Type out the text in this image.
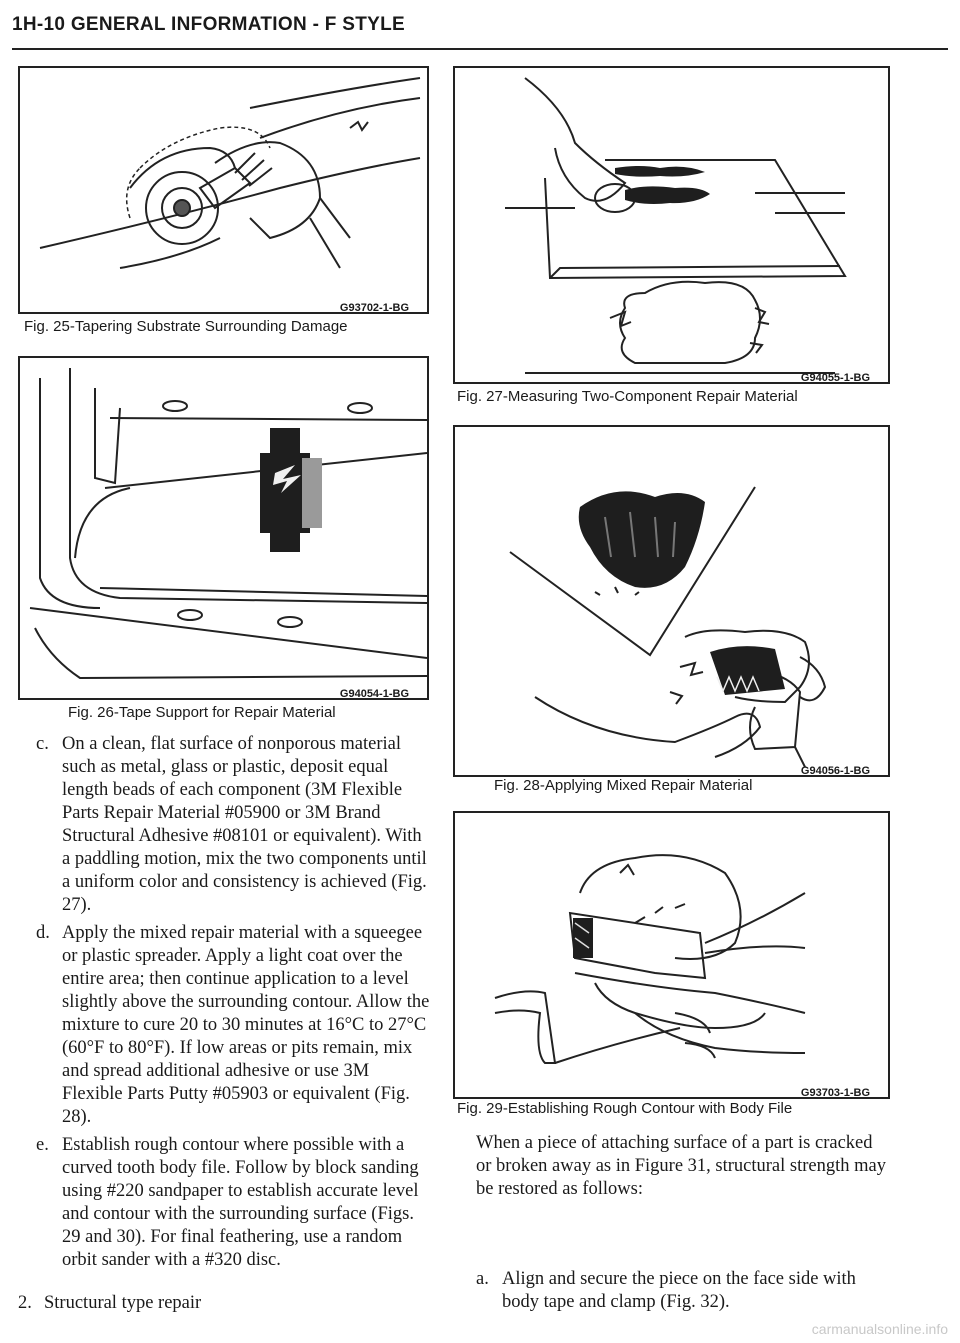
1H-10 GENERAL INFORMATION - F STYLE
G93702-1-BG
Fig. 25-Tapering Substrate Surrounding Damage
G94054-1-BG
Fig. 26-Tape Support for Repair Material
c. On a clean, flat surface of nonporous material such as metal, glass or plastic, deposit equal length beads of each component (3M Flexible Parts Repair Material #05900 or 3M Brand Structural Adhesive #08101 or equivalent). With a paddling motion, mix the two components until a uniform color and consistency is achieved (Fig. 27).
d. Apply the mixed repair material with a squeegee or plastic spreader. Apply a light coat over the entire area; then continue application to a level slightly above the surrounding contour. Allow the mixture to cure 20 to 30 minutes at 16°C to 27°C (60°F to 80°F). If low areas or pits remain, mix and spread additional adhesive or use 3M Flexible Parts Putty #05903 or equivalent (Fig. 28).
e. Establish rough contour where possible with a curved tooth body file. Follow by block sanding using #220 sandpaper to establish accurate level and contour with the surrounding surface (Figs. 29 and 30). For final feathering, use a random orbit sander with a #320 disc.
2. Structural type repair
G94055-1-BG
Fig. 27-Measuring Two-Component Repair Material
G94056-1-BG
Fig. 28-Applying Mixed Repair Material
G93703-1-BG
Fig. 29-Establishing Rough Contour with Body File
When a piece of attaching surface of a part is cracked or broken away as in Figure 31, structural strength may be restored as follows:
a. Align and secure the piece on the face side with body tape and clamp (Fig. 32).
carmanualsonline.info
